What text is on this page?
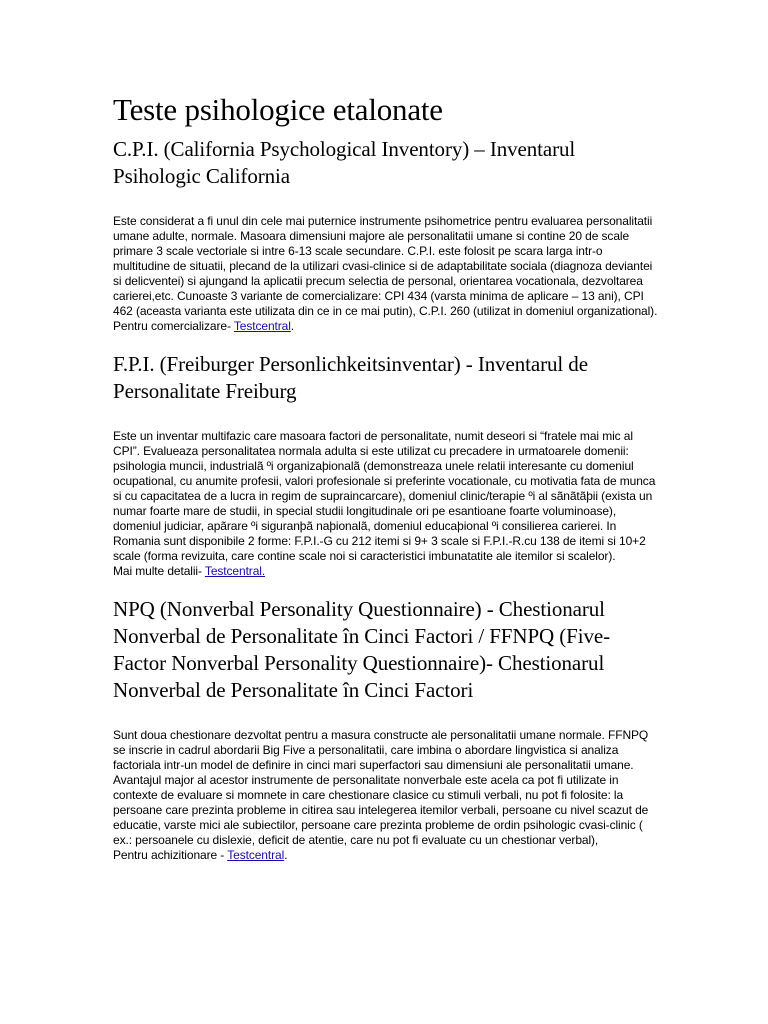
Teste psihologice etalonate
C.P.I. (California Psychological Inventory) – Inventarul Psihologic California

Este considerat a fi unul din cele mai puternice instrumente psihometrice pentru evaluarea personalitatii umane adulte, normale. Masoara dimensiuni majore ale personalitatii umane si contine 20 de scale primare 3 scale vectoriale si intre 6-13 scale secundare. C.P.I. este folosit pe scara larga intr-o multitudine de situatii, plecand de la utilizari cvasi-clinice si de adaptabilitate sociala (diagnoza deviantei si delicventei) si ajungand la aplicatii precum selectia de personal, orientarea vocationala, dezvoltarea carierei,etc. Cunoaste 3 variante de comercializare: CPI 434 (varsta minima de aplicare – 13 ani), CPI 462 (aceasta varianta este utilizata din ce in ce mai putin), C.P.I. 260 (utilizat in domeniul organizational).
Pentru comercializare- Testcentral.

F.P.I. (Freiburger Personlichkeitsinventar) - Inventarul de Personalitate Freiburg

Este un inventar multifazic care masoara factori de personalitate, numit deseori si “fratele mai mic al CPI”. Evalueaza personalitatea normala adulta si este utilizat cu precadere in urmatoarele domenii: psihologia muncii, industrialã ºi organizaþionalã (demonstreaza unele relatii interesante cu domeniul ocupational, cu anumite profesii, valori profesionale si preferinte vocationale, cu motivatia fata de munca si cu capacitatea de a lucra in regim de supraincarcare), domeniul clinic/terapie ºi al sãnãtãþii (exista un numar foarte mare de studii, in special studii longitudinale ori pe esantioane foarte voluminoase), domeniul judiciar, apãrare ºi siguranþã naþionalã, domeniul educaþional ºi consilierea carierei. In Romania sunt disponibile 2 forme: F.P.I.-G cu 212 itemi si 9+ 3 scale si F.P.I.-R.cu 138 de itemi si 10+2 scale (forma revizuita, care contine scale noi si caracteristici imbunatatite ale itemilor si scalelor).
Mai multe detalii- Testcentral.

NPQ (Nonverbal Personality Questionnaire) - Chestionarul Nonverbal de Personalitate în Cinci Factori / FFNPQ (Five-Factor Nonverbal Personality Questionnaire)- Chestionarul Nonverbal de Personalitate în Cinci Factori

Sunt doua chestionare dezvoltat pentru a masura constructe ale personalitatii umane normale. FFNPQ se inscrie in cadrul abordarii Big Five a personalitatii, care imbina o abordare lingvistica si analiza factoriala intr-un model de definire in cinci mari superfactori sau dimensiuni ale personalitatii umane. Avantajul major al acestor instrumente de personalitate nonverbale este acela ca pot fi utilizate in contexte de evaluare si momnete in care chestionare clasice cu stimuli verbali, nu pot fi folosite: la persoane care prezinta probleme in citirea sau intelegerea itemilor verbali, persoane cu nivel scazut de educatie, varste mici ale subiectilor, persoane care prezinta probleme de ordin psihologic cvasi-clinic ( ex.: persoanele cu dislexie, deficit de atentie, care nu pot fi evaluate cu un chestionar verbal),
Pentru achizitionare - Testcentral.
